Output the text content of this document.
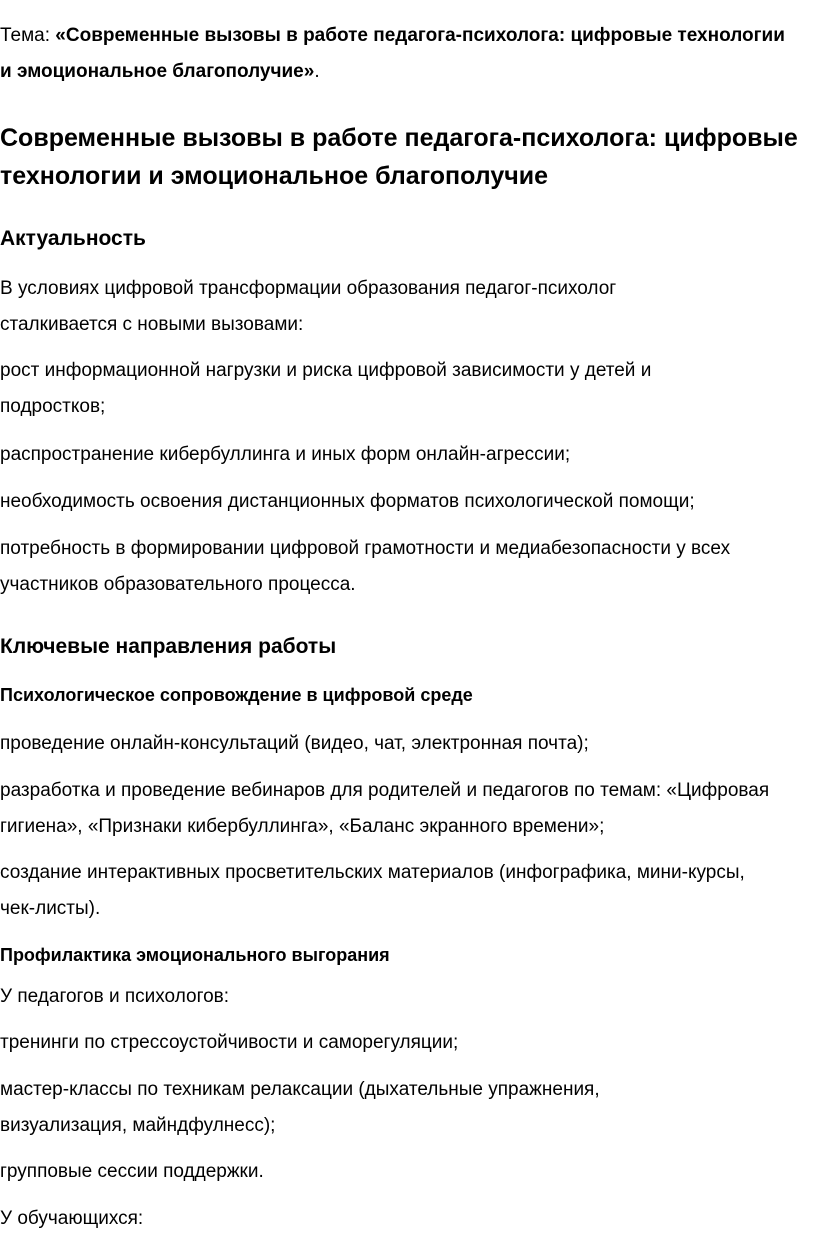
Тема: «Современные вызовы в работе педагога-психолога: цифровые технологии и эмоциональное благополучие».

Современные вызовы в работе педагога-психолога: цифровые технологии и эмоциональное благополучие
Актуальность

В условиях цифровой трансформации образования педагог-психолог сталкивается с новыми вызовами:

рост информационной нагрузки и риска цифровой зависимости у детей и подростков;

распространение кибербуллинга и иных форм онлайн-агрессии;

необходимость освоения дистанционных форматов психологической помощи;

потребность в формировании цифровой грамотности и медиабезопасности у всех участников образовательного процесса.

Ключевые направления работы
Психологическое сопровождение в цифровой среде

проведение онлайн-консультаций (видео, чат, электронная почта);

разработка и проведение вебинаров для родителей и педагогов по темам: «Цифровая гигиена», «Признаки кибербуллинга», «Баланс экранного времени»;

создание интерактивных просветительских материалов (инфографика, мини-курсы, чек-листы).

Профилактика эмоционального выгорания

У педагогов и психологов:

тренинги по стрессоустойчивости и саморегуляции;

мастер-классы по техникам релаксации (дыхательные упражнения, визуализация, майндфулнесс);

групповые сессии поддержки.

У обучающихся:
